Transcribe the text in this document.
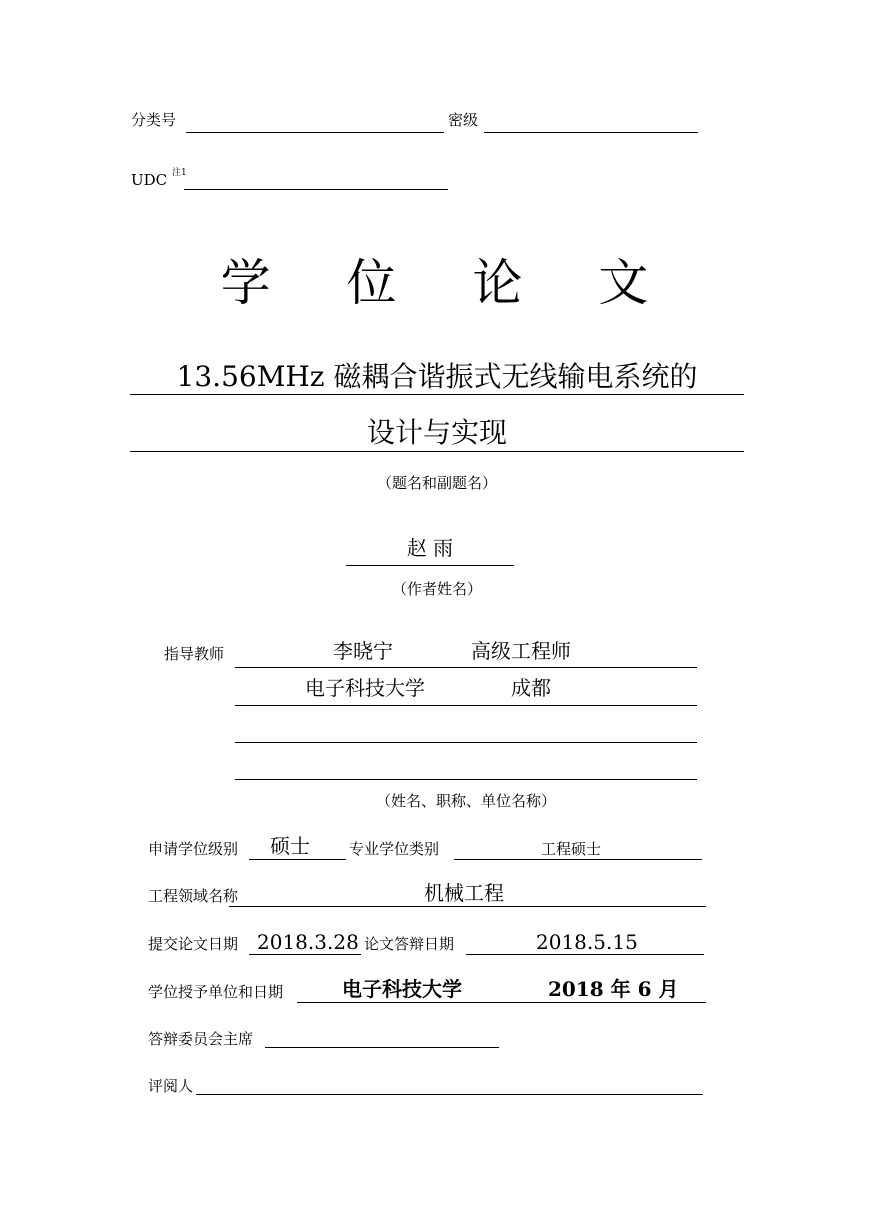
分类号	密级
UDC 注1
学 位 论 文
13.56MHz 磁耦合谐振式无线输电系统的
设计与实现
（题名和副题名）
赵 雨
（作者姓名）
指导教师	李晓宁	高级工程师
电子科技大学	成都
（姓名、职称、单位名称）
申请学位级别 硕士	专业学位类别	工程硕士
工程领域名称	机械工程
提交论文日期 2018.3.28 论文答辩日期	2018.5.15
学位授予单位和日期	电子科技大学	2018 年 6 月
答辩委员会主席
评阅人
